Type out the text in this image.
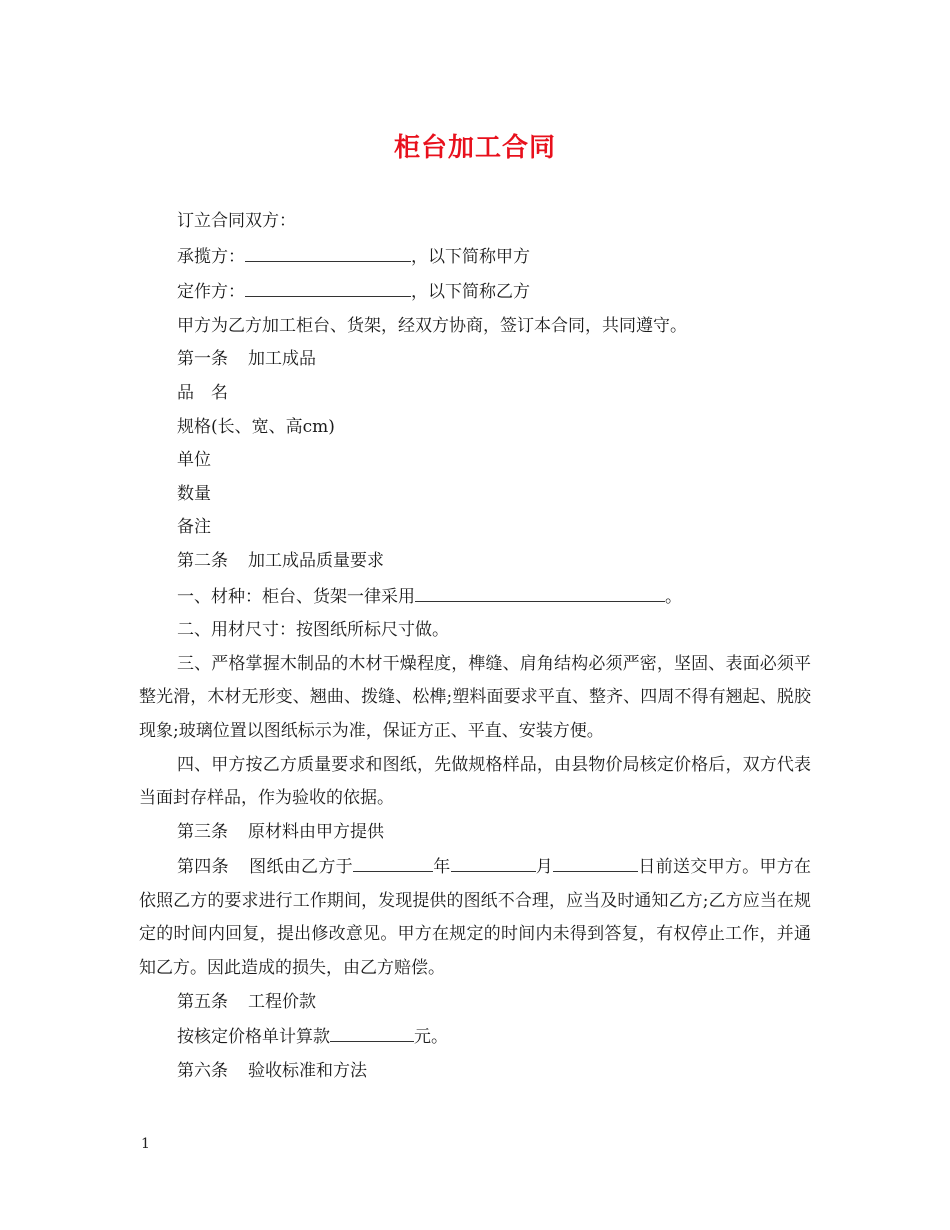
柜台加工合同

订立合同双方：

承揽方：	，以下简称甲方

定作方：	，以下简称乙方

甲方为乙方加工柜台、货架，经双方协商，签订本合同，共同遵守。

第一条 加工成品

品　名

规格(长、宽、高cm)

单位

数量

备注

第二条 加工成品质量要求

一、材种：柜台、货架一律采用	。

二、用材尺寸：按图纸所标尺寸做。

三、严格掌握木制品的木材干燥程度，榫缝、肩角结构必须严密，坚固、表面必须平整光滑，木材无形变、翘曲、拨缝、松榫;塑料面要求平直、整齐、四周不得有翘起、脱胶现象;玻璃位置以图纸标示为准，保证方正、平直、安装方便。

四、甲方按乙方质量要求和图纸，先做规格样品，由县物价局核定价格后，双方代表当面封存样品，作为验收的依据。

第三条 原材料由甲方提供

第四条 图纸由乙方于	年	月	日前送交甲方。甲方在依照乙方的要求进行工作期间，发现提供的图纸不合理，应当及时通知乙方;乙方应当在规定的时间内回复，提出修改意见。甲方在规定的时间内未得到答复，有权停止工作，并通知乙方。因此造成的损失，由乙方赔偿。

第五条 工程价款

按核定价格单计算款	元。

第六条 验收标准和方法

1
